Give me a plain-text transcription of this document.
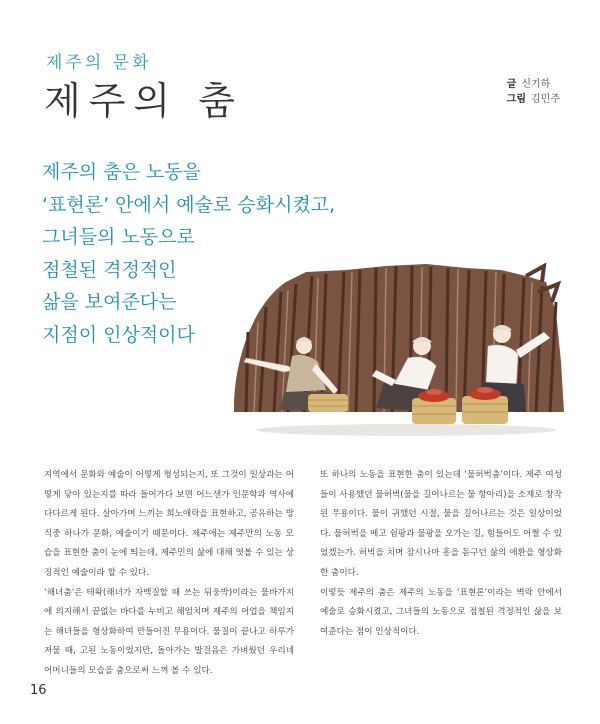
제주의 문화
제주의 춤	글 신기하
그림 김민주
제주의 춤은 노동을
‘표현론’ 안에서 예술로 승화시켰고,
그녀들의 노동으로
점철된 격정적인
삶을 보여준다는
지점이 인상적이다

지역에서 문화와 예술이 어떻게 형성되는지, 또 그것이 일상과는 어떻게 닿아 있는지를 따라 들어가다 보면 어느샌가 인문학과 역사에 다다르게 된다. 살아가며 느끼는 희노애락을 표현하고, 공유하는 방식중 하나가 문화, 예술이기 때문이다. 제주에는 제주만의 노동 모습을 표현한 춤이 눈에 띄는데, 제주민의 삶에 대해 엿볼 수 있는 상징적인 예술이라 할 수 있다.

‘해녀춤’은 테왁(해녀가 자맥질할 때 쓰는 뒤웅박)이라는 물바가지에 의지해서 끝없는 바다를 누비고 해엄치며 제주의 어업을 책임지는 해녀들을 형상화하여 만들어진 무용이다. 물질이 끝나고 하루가 저물 때, 고된 노동이었지만, 돌아가는 발걸음은 가벼웠던 우리네 어머니들의 모습을 춤으로써 느껴 볼 수 있다.

또 하나의 노동을 표현한 춤이 있는데 ‘물허벅춤’이다. 제주 여성들이 사용했던 물허벅(물을 길어나르는 물 항아리)을 소재로 창작된 무용이다. 물이 귀했던 시절, 물을 길어나르는 것은 일상이었다. 물허벅을 메고 쉼팡과 물팡을 오가는 길, 힘들어도 어쩔 수 있었겠는가. 허벅을 치며 잠시나마 흥을 돋구던 삶의 애환을 형상화한 춤이다.

이렇듯 제주의 춤은 제주의 노동을 ‘표현론’이라는 벽락 안에서 예술로 승화시켰고, 그녀들의 노동으로 점철된 격정적인 삶을 보여준다는 점이 인상적이다.

16
